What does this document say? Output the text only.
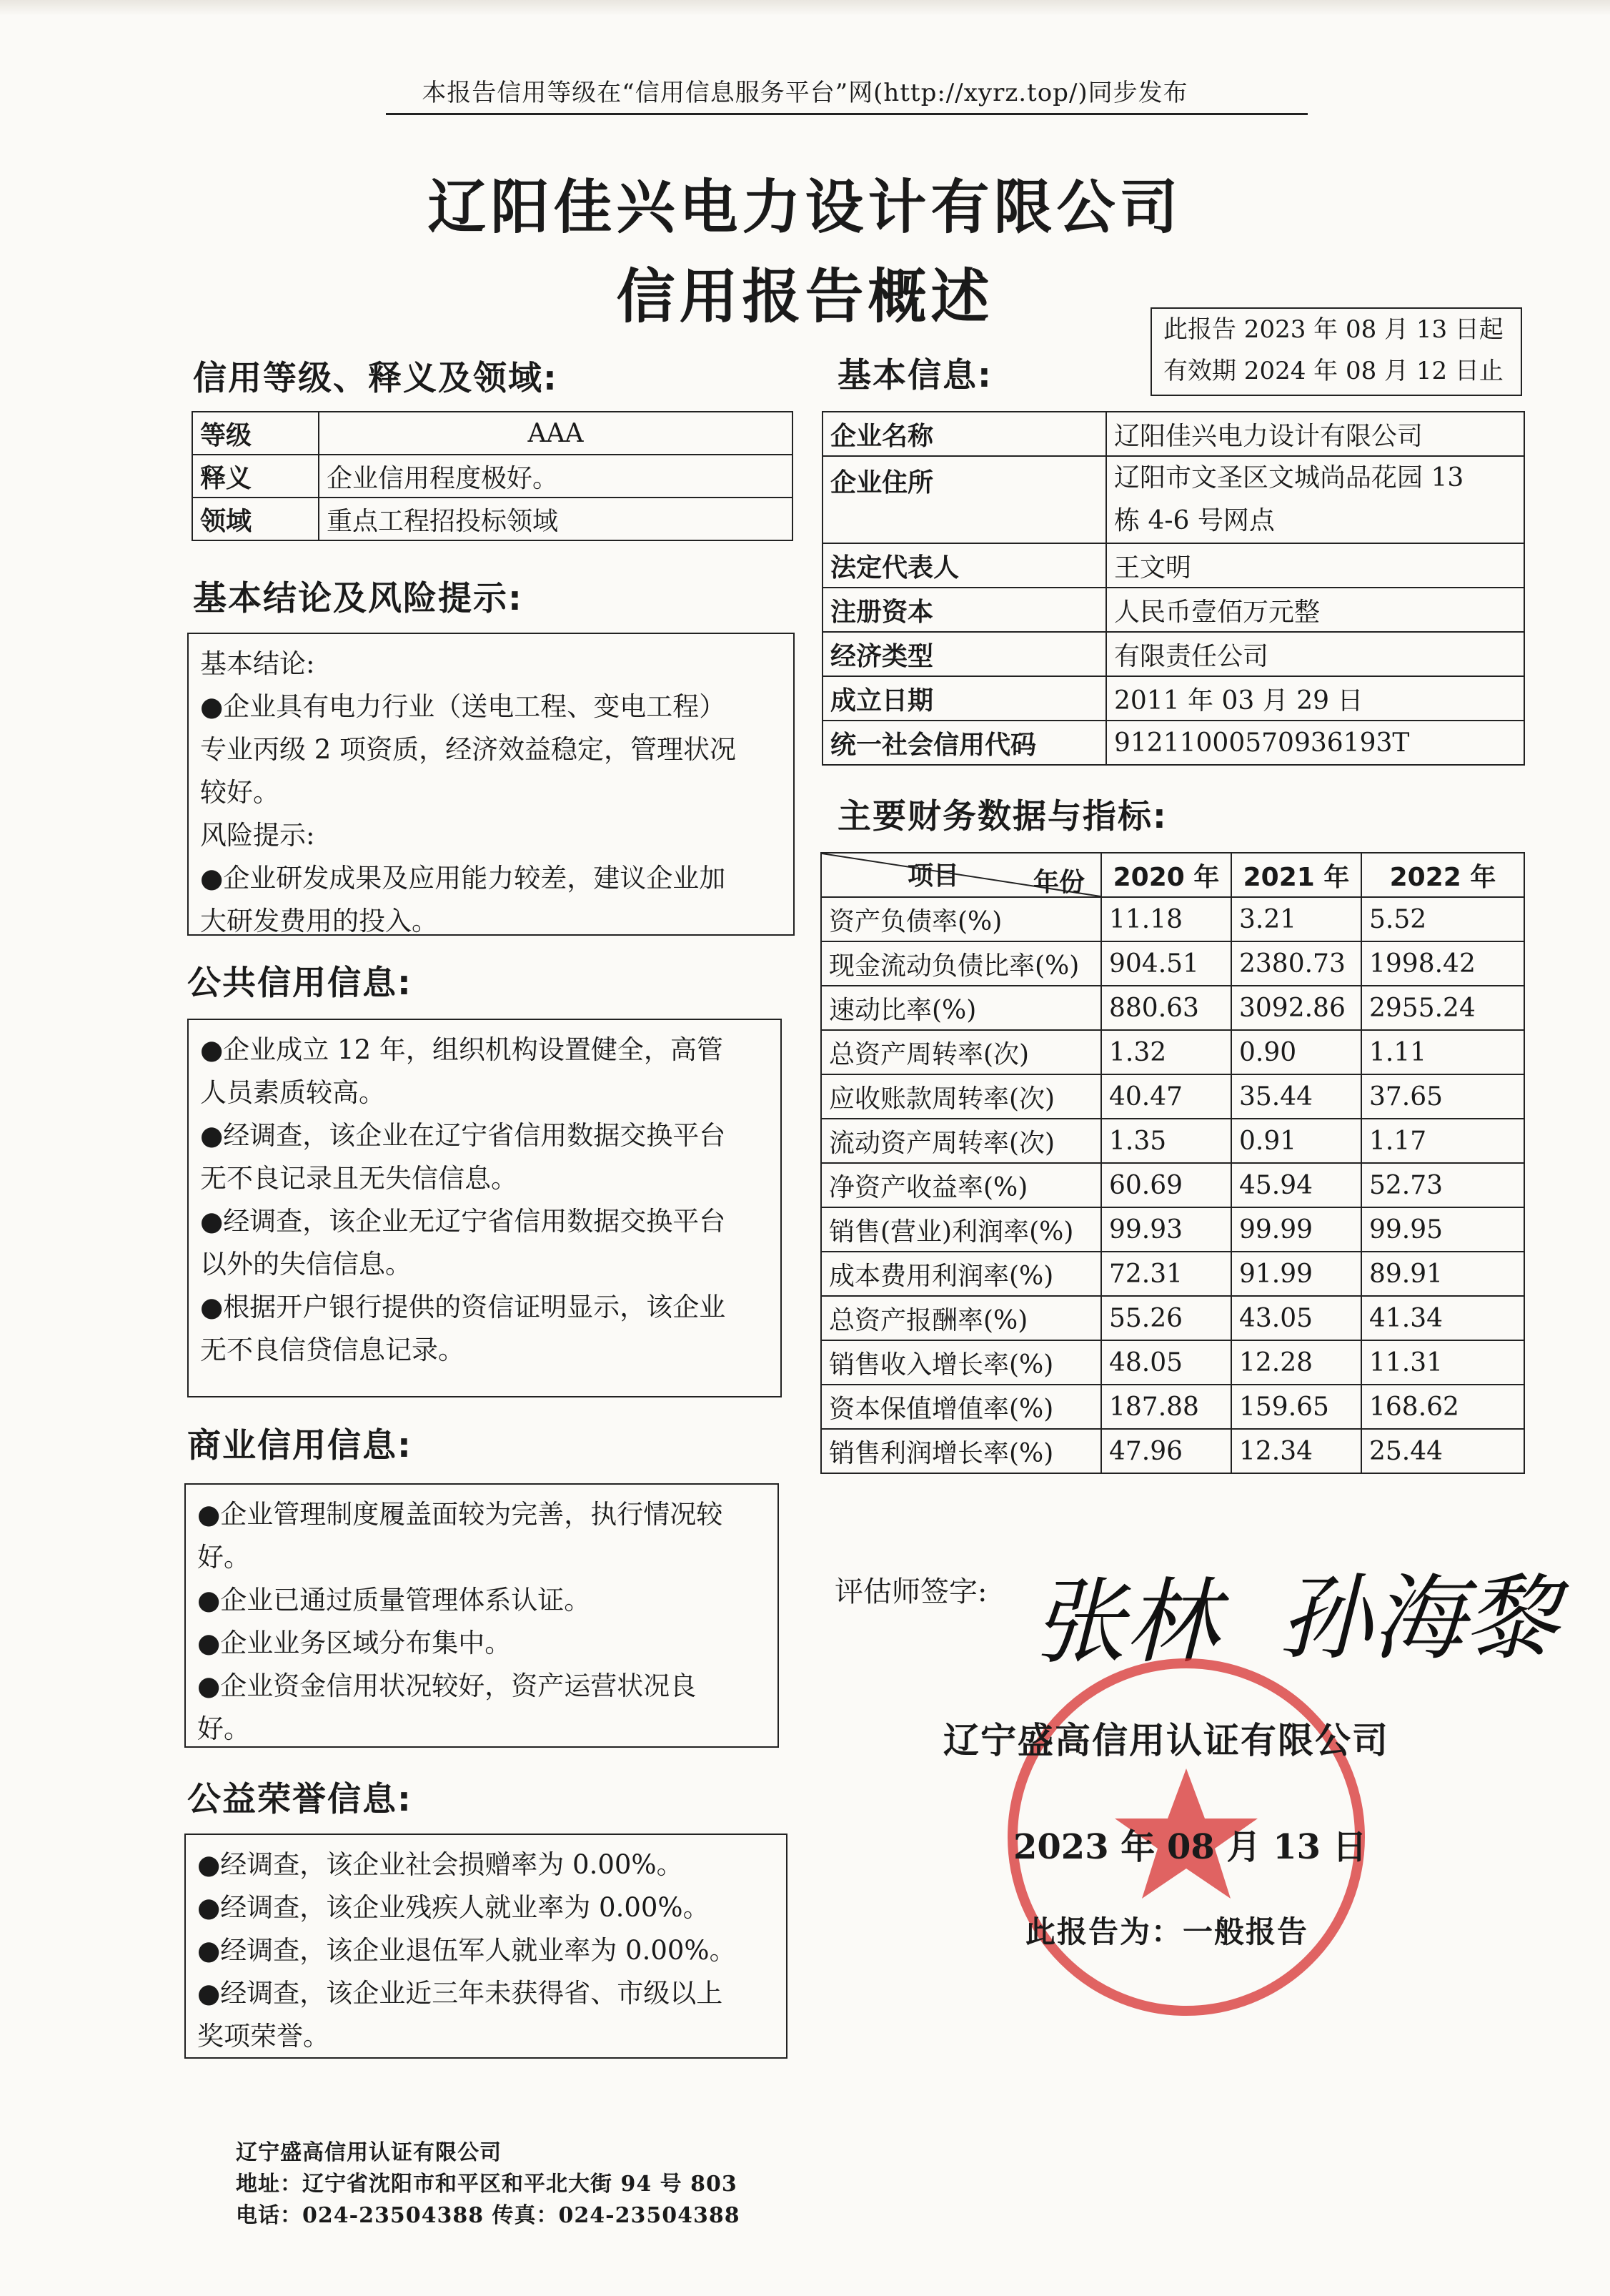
本报告信用等级在“信用信息服务平台”网(http://xyrz.top/)同步发布
辽阳佳兴电力设计有限公司
信用报告概述	此报告 2023 年 08 月 13 日起
有效期 2024 年 08 月 12 日止
信用等级、释义及领域:
等级	AAA
释义	企业信用程度极好。
领域	重点工程招投标领域
基本结论及风险提示:

基本结论:

●企业具有电力行业（送电工程、变电工程）

专业丙级 2 项资质，经济效益稳定，管理状况

较好。

风险提示:

●企业研发成果及应用能力较差，建议企业加

大研发费用的投入。

公共信用信息:

●企业成立 12 年，组织机构设置健全，高管

人员素质较高。

●经调查，该企业在辽宁省信用数据交换平台

无不良记录且无失信信息。

●经调查，该企业无辽宁省信用数据交换平台

以外的失信信息。

●根据开户银行提供的资信证明显示，该企业

无不良信贷信息记录。

商业信用信息:

●企业管理制度履盖面较为完善，执行情况较

好。

●企业已通过质量管理体系认证。

●企业业务区域分布集中。

●企业资金信用状况较好，资产运营状况良

好。

公益荣誉信息:

●经调查，该企业社会损赠率为 0.00%。

●经调查，该企业残疾人就业率为 0.00%。

●经调查，该企业退伍军人就业率为 0.00%。

●经调查，该企业近三年未获得省、市级以上

奖项荣誉。

基本信息:
企业名称	辽阳佳兴电力设计有限公司
企业住所	辽阳市文圣区文城尚品花园 13
栋 4-6 号网点

法定代表人	王文明
注册资本	人民币壹佰万元整
经济类型	有限责任公司
成立日期	2011 年 03 月 29 日
统一社会信用代码	91211000570936193T
主要财务数据与指标:
年份
项目	2020 年	2021 年	2022 年
资产负债率(%)	11.18	3.21	5.52
现金流动负债比率(%)	904.51	2380.73	1998.42
速动比率(%)	880.63	3092.86	2955.24
总资产周转率(次)	1.32	0.90	1.11
应收账款周转率(次)	40.47	35.44	37.65
流动资产周转率(次)	1.35	0.91	1.17
净资产收益率(%)	60.69	45.94	52.73
销售(营业)利润率(%)	99.93	99.99	99.95
成本费用利润率(%)	72.31	91.99	89.91
总资产报酬率(%)	55.26	43.05	41.34
销售收入增长率(%)	48.05	12.28	11.31
资本保值增值率(%)	187.88	159.65	168.62
销售利润增长率(%)	47.96	12.34	25.44
评估师签字: 张林 孙海黎
辽宁盛高信用认证有限公司
2023 年 08 月 13 日
此报告为：一般报告
辽宁盛高信用认证有限公司
地址：辽宁省沈阳市和平区和平北大街 94 号 803
电话：024-23504388 传真：024-23504388
